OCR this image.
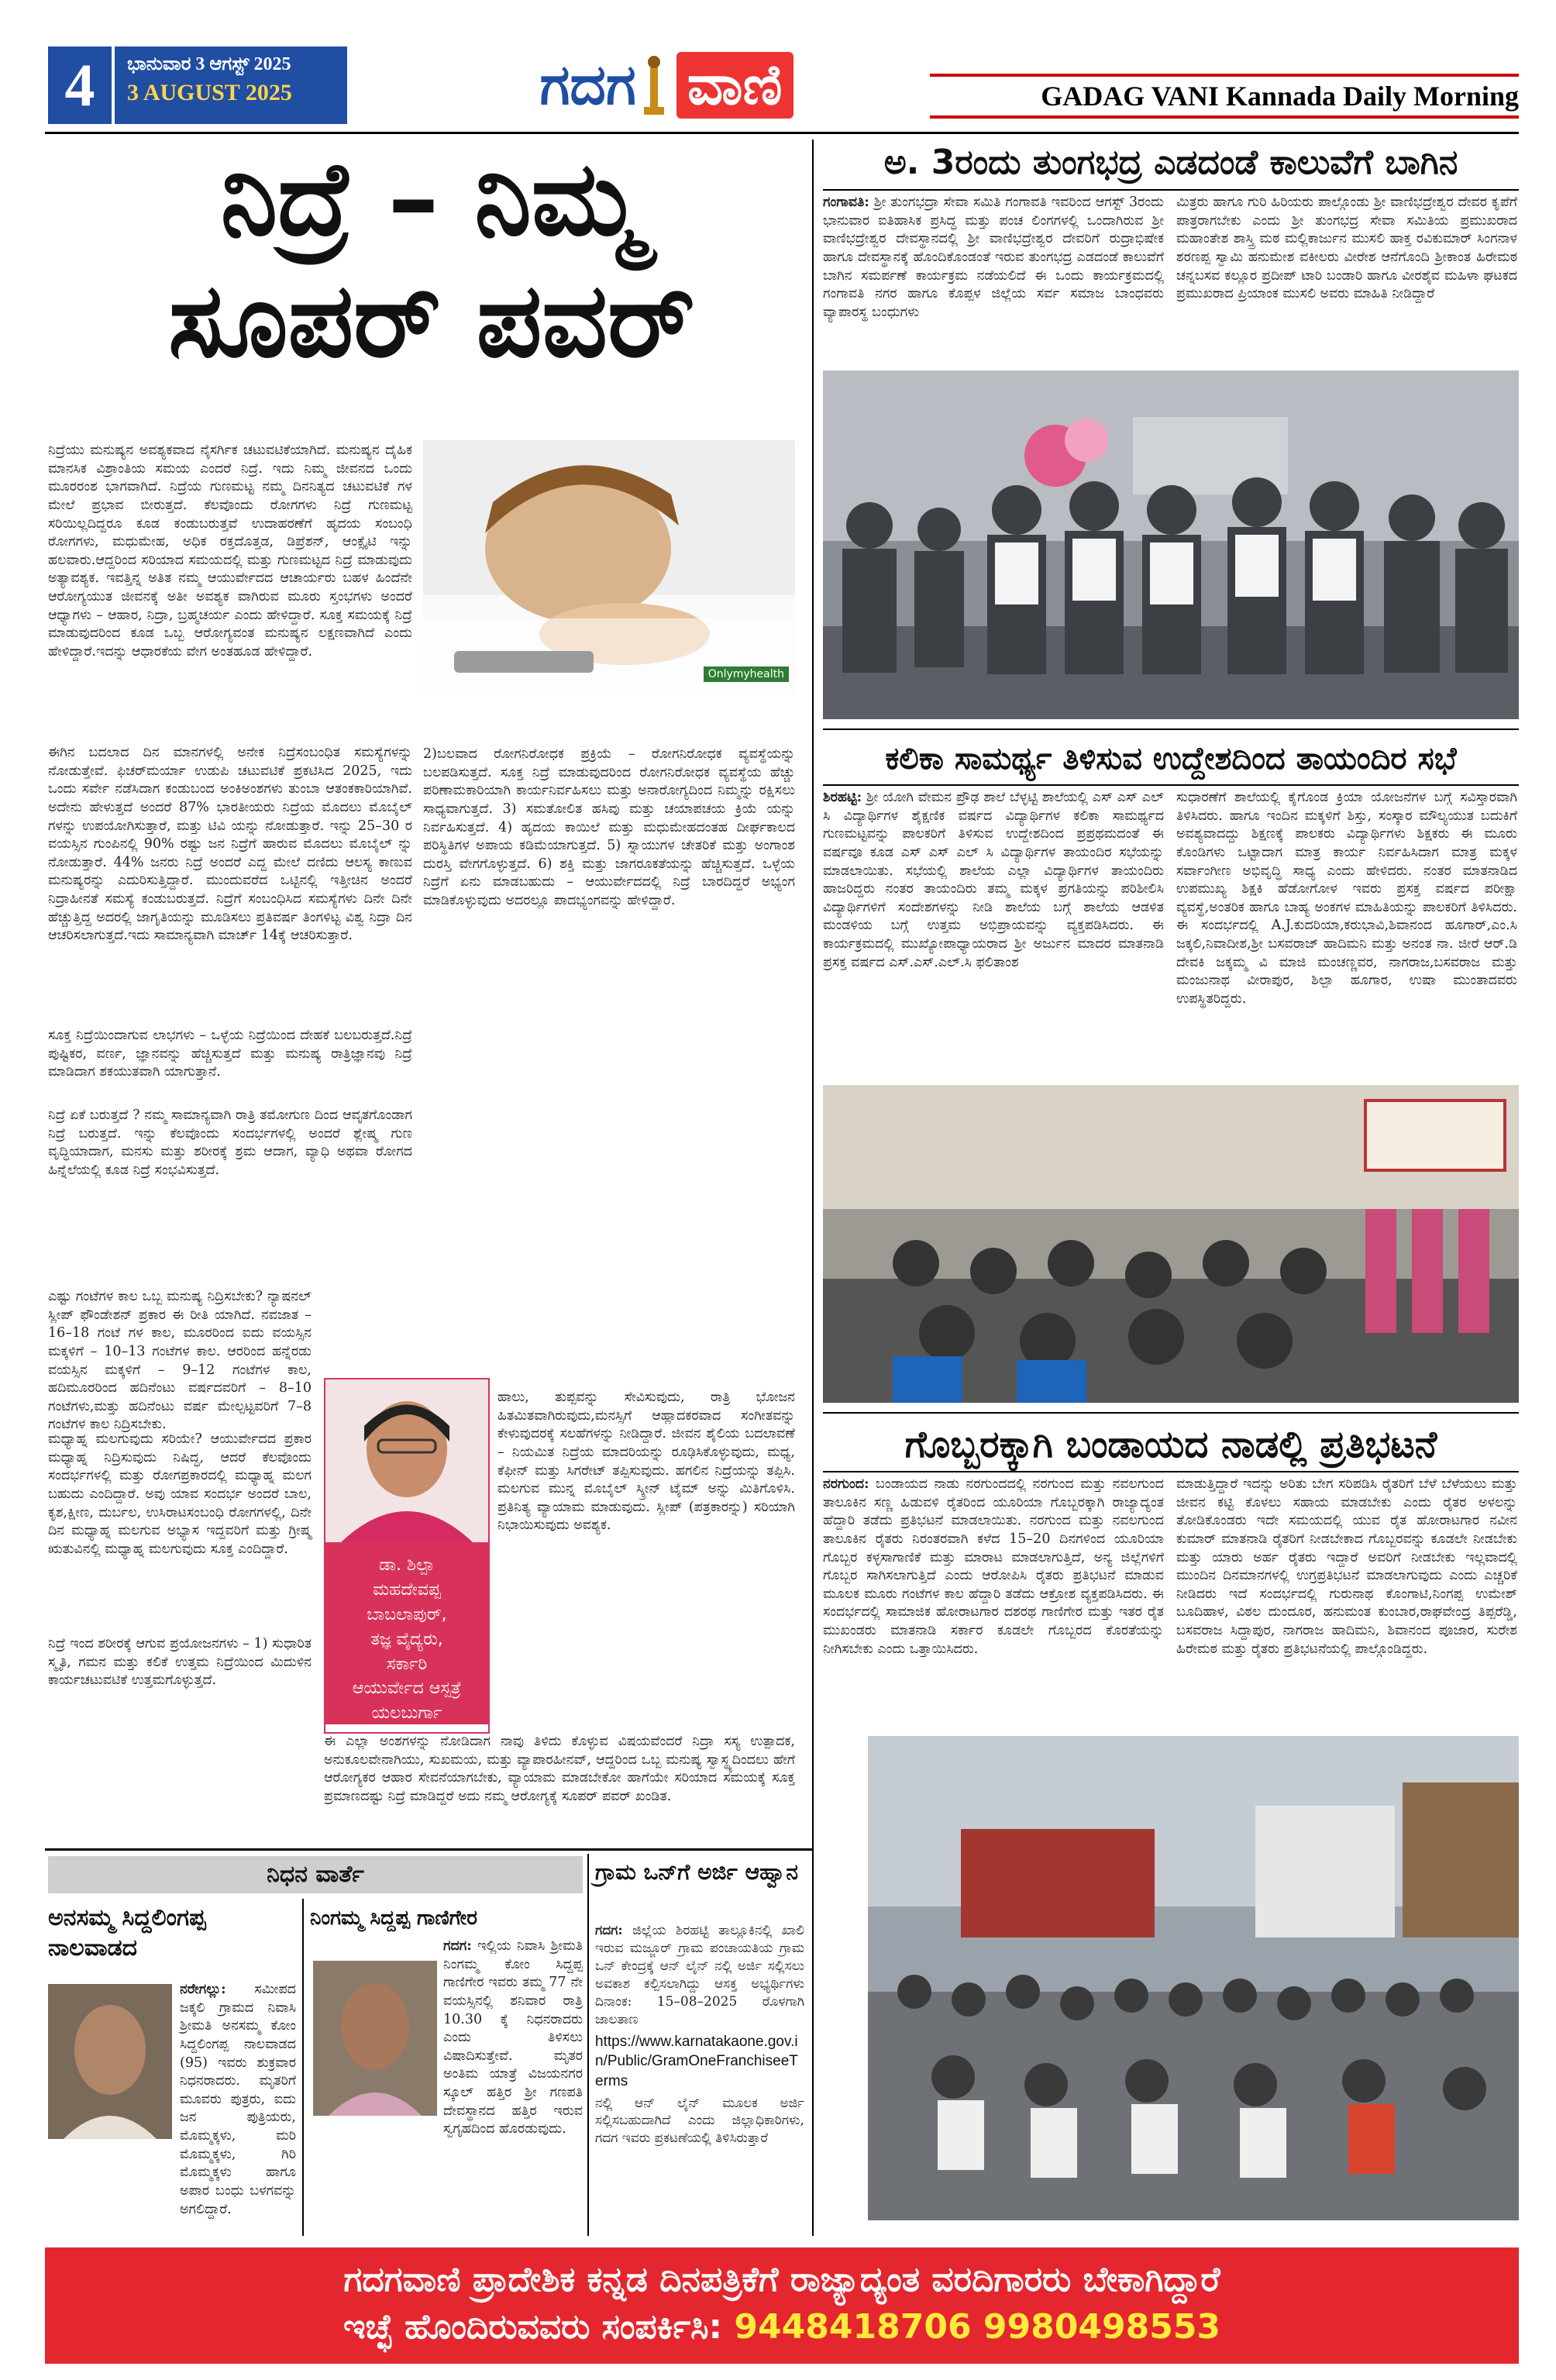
4	ಭಾನುವಾರ 3 ಆಗಸ್ಟ್ 2025
3 AUGUST 2025	ಗದಗ ವಾಣಿ	GADAG VANI Kannada Daily Morning
ನಿದ್ರೆ – ನಿಮ್ಮ
ಸೂಪರ್ ಪವರ್
Onlymyhealth
ನಿದ್ರೆಯು ಮನುಷ್ಯನ ಅವಶ್ಯಕವಾದ ನೈಸರ್ಗಿಕ ಚಟುವಟಿಕೆಯಾಗಿದೆ. ಮನುಷ್ಯನ ದೈಹಿಕ ಮಾನಸಿಕ ವಿಶ್ರಾಂತಿಯ ಸಮಯ ಎಂದರೆ ನಿದ್ರೆ. ಇದು ನಿಮ್ಮ ಜೀವನದ ಒಂದು ಮೂರರಂಶ ಭಾಗವಾಗಿದೆ. ನಿದ್ರೆಯ ಗುಣಮಟ್ಟ ನಮ್ಮ ದಿನನಿತ್ಯದ ಚಟುವಟಿಕೆ ಗಳ ಮೇಲೆ ಪ್ರಭಾವ ಬೀರುತ್ತದೆ. ಕೆಲವೊಂದು ರೋಗಗಳು ನಿದ್ರೆ ಗುಣಮಟ್ಟ ಸರಿಯಿಲ್ಲದಿದ್ದರೂ ಕೂಡ ಕಂಡುಬರುತ್ತವೆ ಉದಾಹರಣೆಗೆ ಹೃದಯ ಸಂಬಂಧಿ ರೋಗಗಳು, ಮಧುಮೇಹ, ಅಧಿಕ ರಕ್ತದೊತ್ತಡ, ಡಿಪ್ರೆಶನ್, ಆಂಕ್ಸೈಟಿ ಇನ್ನು ಹಲವಾರು.ಆದ್ದರಿಂದ ಸರಿಯಾದ ಸಮಯದಲ್ಲಿ ಮತ್ತು ಗುಣಮಟ್ಟದ ನಿದ್ರೆ ಮಾಡುವುದು ಅತ್ಯಾವಶ್ಯಕ. ಇವತ್ತಿನ್ನ ಅತಿತ ನಮ್ಮ ಆಯುರ್ವೇದದ ಆಚಾರ್ಯರು ಬಹಳ ಹಿಂದೆನೇ ಆರೋಗ್ಯಯುತ ಜೀವನಕ್ಕೆ ಅತೀ ಅವಶ್ಯಕ ವಾಗಿರುವ ಮೂರು ಸ್ತಂಭಗಳು ಅಂದರೆ ಆಧ್ಯಾಗಳು – ಆಹಾರ, ನಿದ್ರಾ, ಬ್ರಹ್ಮಚರ್ಯ ಎಂದು ಹೇಳಿದ್ದಾರೆ. ಸೂಕ್ತ ಸಮಯಕ್ಕೆ ನಿದ್ರೆ ಮಾಡುವುದರಿಂದ ಕೂಡ ಒಬ್ಬ ಆರೋಗ್ಯವಂತ ಮನುಷ್ಯನ ಲಕ್ಷಣವಾಗಿದೆ ಎಂದು ಹೇಳಿದ್ದಾರೆ.ಇದನ್ನು ಆಧಾರಕೆಯ ವೇಗ ಅಂತಹೂಡ ಹೇಳಿದ್ದಾರೆ.
ಈಗಿನ ಬದಲಾದ ದಿನ ಮಾನಗಳಲ್ಲಿ ಅನೇಕ ನಿದ್ರೆಸಂಬಂಧಿತ ಸಮಸ್ಯೆಗಳನ್ನು ನೋಡುತ್ತೇವೆ. ಫಿಚರ್‌ಮರ್ಯಾ ಉಡುಪಿ ಚಟುವಟಿಕೆ ಪ್ರಕಟಿಸಿದ 2025, ಇದು ಒಂದು ಸರ್ವೇ ನಡೆಸಿದಾಗ ಕಂಡುಬಂದ ಅಂಕಿಅಂಶಗಳು ತುಂಬಾ ಆತಂಕಕಾರಿಯಾಗಿವೆ. ಅದೇನು ಹೇಳುತ್ತದೆ ಅಂದರೆ 87% ಭಾರತೀಯರು ನಿದ್ರೆಯ ಮೊದಲು ಮೊಬೈಲ್ ಗಳನ್ನು ಉಪಯೋಗಿಸುತ್ತಾರೆ, ಮತ್ತು ಟಿವಿ ಯನ್ನು ನೋಡುತ್ತಾರೆ. ಇನ್ನು 25–30 ರ ವಯಸ್ಸಿನ ಗುಂಪಿನಲ್ಲಿ 90% ರಷ್ಟು ಜನ ನಿದ್ರೆಗೆ ಹಾರುವ ಮೊದಲು ಮೊಬೈಲ್ ನ್ನು ನೋಡುತ್ತಾರೆ. 44% ಜನರು ನಿದ್ರೆ ಅಂದರೆ ಎದ್ದ ಮೇಲೆ ದಣಿದು ಆಲಸ್ಯ ಕಾಣುವ ಮನುಷ್ಯರನ್ನು ಎದುರಿಸುತ್ತಿದ್ದಾರೆ. ಮುಂದುವರೆದ ಒಟ್ಟಿನಲ್ಲಿ ಇತ್ತೀಚಿನ ಅಂದರೆ ನಿದ್ರಾಹೀನತೆ ಸಮಸ್ಯೆ ಕಂಡುಬರುತ್ತದೆ. ನಿದ್ರೆಗೆ ಸಂಬಂಧಿಸಿದ ಸಮಸ್ಯೆಗಳು ದಿನೇ ದಿನೇ ಹೆಚ್ಚುತ್ತಿದ್ದ ಅದರಲ್ಲಿ ಜಾಗೃತಿಯನ್ನು ಮೂಡಿಸಲು ಪ್ರತಿವರ್ಷ ತಿಂಗಳಿಟ್ಟ ವಿಶ್ವ ನಿದ್ರಾ ದಿನ ಆಚರಿಸಲಾಗುತ್ತದೆ.ಇದು ಸಾಮಾನ್ಯವಾಗಿ ಮಾರ್ಚ್ 14ಕ್ಕೆ ಆಚರಿಸುತ್ತಾರೆ.
ಸೂಕ್ತ ನಿದ್ರೆಯಿಂದಾಗುವ ಲಾಭಗಳು – ಒಳ್ಳೆಯ ನಿದ್ರೆಯಿಂದ ದೇಹಕೆ ಬಲಬರುತ್ತದೆ.ನಿದ್ರೆ ಪುಷ್ಟಿಕರ, ವರ್ಣ, ಜ್ಞಾನವನ್ನು ಹೆಚ್ಚಿಸುತ್ತದೆ ಮತ್ತು ಮನುಷ್ಯ ರಾತ್ರಿಜ್ಞಾನವು ನಿದ್ರೆ ಮಾಡಿದಾಗ ಶಕಯುತವಾಗಿ ಯಾಗುತ್ತಾನೆ.
ನಿದ್ರೆ ಏಕೆ ಬರುತ್ತದೆ ? ನಮ್ಮ ಸಾಮಾನ್ಯವಾಗಿ ರಾತ್ರಿ ತಮೋಗುಣ ದಿಂದ ಆವೃತಗೊಂಡಾಗ ನಿದ್ರೆ ಬರುತ್ತದೆ. ಇನ್ನು ಕೆಲವೊಂದು ಸಂದರ್ಭಗಳಲ್ಲಿ ಅಂದರೆ ಶ್ಲೇಷ್ಮ ಗುಣ ವೃದ್ಧಿಯಾದಾಗ, ಮನಸು ಮತ್ತು ಶರೀರಕ್ಕೆ ಶ್ರಮ ಆದಾಗ, ವ್ಯಾಧಿ ಅಥವಾ ರೋಗದ ಹಿನ್ನೆಲೆಯಲ್ಲಿ ಕೂಡ ನಿದ್ರೆ ಸಂಭವಿಸುತ್ತದೆ.
ಎಷ್ಟು ಗಂಟೆಗಳ ಕಾಲ ಒಬ್ಬ ಮನುಷ್ಯ ನಿದ್ರಿಸಬೇಕು? ನ್ಯಾಷನಲ್ ಸ್ಲೀಪ್ ಫೌಂಡೇಶನ್ ಪ್ರಕಾರ ಈ ರೀತಿ ಯಾಗಿದೆ. ನವಜಾತ –16–18 ಗಂಟೆ ಗಳ ಕಾಲ, ಮೂರರಿಂದ ಐದು ವಯಸ್ಸಿನ ಮಕ್ಕಳಿಗೆ – 10–13 ಗಂಟೆಗಳ ಕಾಲ. ಆರರಿಂದ ಹನ್ನೆರಡು ವಯಸ್ಸಿನ ಮಕ್ಕಳಿಗೆ – 9–12 ಗಂಟೆಗಳ ಕಾಲ, ಹದಿಮೂರರಿಂದ ಹದಿನೆಂಟು ವರ್ಷದವರಿಗೆ – 8–10 ಗಂಟೆಗಳು,ಮತ್ತು ಹದಿನೆಂಟು ವರ್ಷ ಮೇಲ್ಪಟ್ಟವರಿಗೆ 7–8 ಗಂಟೆಗಳ ಕಾಲ ನಿದ್ರಿಸಬೇಕು.
ಮಧ್ಯಾಹ್ನ ಮಲಗುವುದು ಸರಿಯೇ? ಆಯುರ್ವೇದದ ಪ್ರಕಾರ ಮಧ್ಯಾಹ್ನ ನಿದ್ರಿಸುವುದು ನಿಷಿದ್ಧ, ಆದರೆ ಕೆಲವೊಂದು ಸಂದರ್ಭಗಳಲ್ಲಿ ಮತ್ತು ರೋಗಪ್ರಕಾರದಲ್ಲಿ ಮಧ್ಯಾಹ್ನ ಮಲಗ ಬಹುದು ಎಂದಿದ್ದಾರೆ. ಅವು ಯಾವ ಸಂದರ್ಭ ಅಂದರೆ ಬಾಲ, ಕೃಶ,ಕ್ಷೀಣ, ದುರ್ಬಲ, ಉಸಿರಾಟಸಂಬಂಧಿ ರೋಗಗಳಲ್ಲಿ, ದಿನೇ ದಿನ ಮಧ್ಯಾಹ್ನ ಮಲಗುವ ಅಭ್ಯಾಸ ಇದ್ದವರಿಗೆ ಮತ್ತು ಗ್ರೀಷ್ಮ ಋತುವಿನಲ್ಲಿ ಮಧ್ಯಾಹ್ನ ಮಲಗುವುದು ಸೂಕ್ತ ಎಂದಿದ್ದಾರೆ.
ನಿದ್ರೆ ಇಂದ ಶರೀರಕ್ಕೆ ಆಗುವ ಪ್ರಯೋಜನಗಳು – 1) ಸುಧಾರಿತ ಸ್ಮೃತಿ, ಗಮನ ಮತ್ತು ಕಲಿಕೆ ಉತ್ತಮ ನಿದ್ರೆಯಿಂದ ಮಿದುಳಿನ ಕಾರ್ಯಚಟುವಟಿಕೆ ಉತ್ತಮಗೊಳ್ಳುತ್ತದೆ.
2)ಬಲವಾದ ರೋಗನಿರೋಧಕ ಪ್ರಕ್ರಿಯೆ – ರೋಗನಿರೋಧಕ ವ್ಯವಸ್ಥೆಯನ್ನು ಬಲಪಡಿಸುತ್ತದೆ. ಸೂಕ್ತ ನಿದ್ರೆ ಮಾಡುವುದರಿಂದ ರೋಗನಿರೋಧಕ ವ್ಯವಸ್ಥೆಯ ಹೆಚ್ಚು ಪರಿಣಾಮಕಾರಿಯಾಗಿ ಕಾರ್ಯನಿರ್ವಹಿಸಲು ಮತ್ತು ಅನಾರೋಗ್ಯದಿಂದ ನಿಮ್ಮನ್ನು ರಕ್ಷಿಸಲು ಸಾಧ್ಯವಾಗುತ್ತದೆ. 3) ಸಮತೋಲಿತ ಹಸಿವು ಮತ್ತು ಚಯಾಪಚಯ ಕ್ರಿಯೆ ಯನ್ನು ನಿರ್ವಹಿಸುತ್ತದೆ. 4) ಹೃದಯ ಕಾಯಿಲೆ ಮತ್ತು ಮಧುಮೇಹದಂತಹ ದೀರ್ಘಕಾಲದ ಪರಿಸ್ಥಿತಿಗಳ ಅಪಾಯ ಕಡಿಮೆಯಾಗುತ್ತದೆ. 5) ಸ್ನಾಯುಗಳ ಚೇತರಿಕೆ ಮತ್ತು ಅಂಗಾಂಶ ದುರಸ್ತಿ ವೇಗಗೊಳ್ಳುತ್ತದೆ. 6) ಶಕ್ತಿ ಮತ್ತು ಜಾಗರೂಕತೆಯನ್ನು ಹೆಚ್ಚಿಸುತ್ತದೆ. ಒಳ್ಳೆಯ ನಿದ್ರೆಗೆ ಏನು ಮಾಡಬಹುದು – ಆಯುರ್ವೇದದಲ್ಲಿ ನಿದ್ರೆ ಬಾರದಿದ್ದರೆ ಅಭ್ಯಂಗ ಮಾಡಿಕೊಳ್ಳುವುದು ಅದರಲ್ಲೂ ಪಾದಭ್ಯಂಗವನ್ನು ಹೇಳಿದ್ದಾರೆ.
ಡಾ. ಶಿಲ್ಪಾ
ಮಹದೇವಪ್ಪ
ಬಾಬಲಾಪುರ್,
ತಜ್ಞ ವೈದ್ಯರು,
ಸರ್ಕಾರಿ
ಆಯುರ್ವೇದ ಆಸ್ಪತ್ರೆ
ಯಲಬುರ್ಗಾ
ಹಾಲು, ತುಪ್ಪವನ್ನು ಸೇವಿಸುವುದು, ರಾತ್ರಿ ಭೋಜನ ಹಿತಮಿತವಾಗಿರುವುದು,ಮನಸ್ಸಿಗೆ ಆಹ್ಲಾದಕರವಾದ ಸಂಗೀತವನ್ನು ಕೇಳುವುದರಕ್ಕೆ ಸಲಹೆಗಳನ್ನು ನೀಡಿದ್ದಾರೆ. ಜೀವನ ಶೈಲಿಯ ಬದಲಾವಣೆ – ನಿಯಮಿತ ನಿದ್ರೆಯ ಮಾದರಿಯನ್ನು ರೂಢಿಸಿಕೊಳ್ಳುವುದು, ಮಧ್ಯ, ಕೆಫೀನ್ ಮತ್ತು ಸಿಗರೇಟ್ ತಪ್ಪಿಸುವುದು. ಹಗಲಿನ ನಿದ್ರೆಯನ್ನು ತಪ್ಪಿಸಿ. ಮಲಗುವ ಮುನ್ನ ಮೊಬೈಲ್ ಸ್ಕ್ರೀನ್ ಟೈಮ್ ಅನ್ನು ಮಿತಿಗೊಳಿಸಿ. ಪ್ರತಿನಿತ್ಯ ವ್ಯಾಯಾಮ ಮಾಡುವುದು. ಸ್ಲೀಪ್ (ಪತ್ರಕಾರನ್ನು) ಸರಿಯಾಗಿ ನಿಭಾಯಿಸುವುದು ಅವಶ್ಯಕ.
ಈ ಎಲ್ಲಾ ಅಂಶಗಳನ್ನು ನೋಡಿದಾಗ ನಾವು ತಿಳಿದು ಕೊಳ್ಳುವ ವಿಷಯವೆಂದರೆ ನಿದ್ರಾ ಸಸ್ಯ ಉತ್ಪಾದಕ, ಅನುಕೂಲವೇನಾಗಿಯು, ಸುಖಮಯ, ಮತ್ತು ವ್ಯಾಪಾರಹೀನವ್‌, ಆದ್ದರಿಂದ ಒಬ್ಬ ಮನುಷ್ಯ ಸ್ವಾಸ್ಥ್ಯದಿಂದಲು ಹೇಗೆ ಆರೋಗ್ಯಕರ ಆಹಾರ ಸೇವನೆಯಾಗಬೇಕು, ವ್ಯಾಯಾಮ ಮಾಡಬೇಕೋ ಹಾಗೆಯೇ ಸರಿಯಾದ ಸಮಯಕ್ಕೆ ಸೂಕ್ತ ಪ್ರಮಾಣದಷ್ಟು ನಿದ್ರೆ ಮಾಡಿದ್ದರೆ ಅದು ನಮ್ಮ ಆರೋಗ್ಯಕ್ಕೆ ಸೂಪರ್ ಪವರ್ ಖಂಡಿತ.
ಅ. 3ರಂದು ತುಂಗಭದ್ರ ಎಡದಂಡೆ ಕಾಲುವೆಗೆ ಬಾಗಿನ
ಗಂಗಾವತಿ: ಶ್ರೀ ತುಂಗಭದ್ರಾ ಸೇವಾ ಸಮಿತಿ ಗಂಗಾವತಿ ಇವರಿಂದ ಆಗಸ್ಟ್ 3ರಂದು ಭಾನುವಾರ ಐತಿಹಾಸಿಕ ಪ್ರಸಿದ್ಧ ಮತ್ತು ಪಂಚ ಲಿಂಗಗಳಲ್ಲಿ ಒಂದಾಗಿರುವ ಶ್ರೀ ವಾಣಿಭದ್ರೇಶ್ವರ ದೇವಸ್ಥಾನದಲ್ಲಿ ಶ್ರೀ ವಾಣಿಭದ್ರೇಶ್ವರ ದೇವರಿಗೆ ರುದ್ರಾಭಿಷೇಕ ಹಾಗೂ ದೇವಸ್ಥಾನಕ್ಕೆ ಹೊಂದಿಕೊಂಡಂತೆ ಇರುವ ತುಂಗಭದ್ರ ಎಡದಂಡೆ ಕಾಲುವೆಗೆ ಬಾಗಿನ ಸಮರ್ಪಣೆ ಕಾರ್ಯಕ್ರಮ ನಡೆಯಲಿದೆ ಈ ಒಂದು ಕಾರ್ಯಕ್ರಮದಲ್ಲಿ ಗಂಗಾವತಿ ನಗರ ಹಾಗೂ ಕೊಪ್ಪಳ ಜಿಲ್ಲೆಯ ಸರ್ವ ಸಮಾಜ ಬಾಂಧವರು ವ್ಯಾಪಾರಸ್ಥ ಬಂಧುಗಳು
ಮಿತ್ರರು ಹಾಗೂ ಗುರಿ ಹಿರಿಯರು ಪಾಲ್ಗೊಂಡು ಶ್ರೀ ವಾಣಿಭದ್ರೇಶ್ವರ ದೇವರ ಕೃಪೆಗೆ ಪಾತ್ರರಾಗಬೇಕು ಎಂದು ಶ್ರೀ ತುಂಗಭದ್ರ ಸೇವಾ ಸಮಿತಿಯ ಪ್ರಮುಖರಾದ ಮಹಾಂತೇಶ ಶಾಸ್ತ್ರಿ ಮಠ ಮಲ್ಲಿಕಾರ್ಜುನ ಮುಸಲಿ ಹಾಕ್ತ‌ ರವಿಕುಮಾರ್ ಸಿಂಗನಾಳ ಶರಣಪ್ಪ ಸ್ವಾಮಿ ಹನುಮೇಶ ವಕೀಲರು ವೀರೇಶ ಆನೆಗೊಂದಿ ಶ್ರೀಕಾಂತ ಹಿರೇಮಠ ಚನ್ನಬಸವ ಕಲ್ಲೂರ ಪ್ರದೀಪ್ ಟಾರಿ ಬಂಡಾರಿ ಹಾಗೂ ವೀರಶೈವ ಮಹಿಳಾ ಘಟಕದ ಪ್ರಮುಖರಾದ ಪ್ರಿಯಾಂಕ ಮುಸಲಿ ಅವರು ಮಾಹಿತಿ ನೀಡಿದ್ದಾರೆ
ಕಲಿಕಾ ಸಾಮರ್ಥ್ಯ ತಿಳಿಸುವ ಉದ್ದೇಶದಿಂದ ತಾಯಂದಿರ ಸಭೆ
ಶಿರಹಟ್ಟಿ: ಶ್ರೀ ಯೋಗಿ ವೇಮನ ಪ್ರೌಢ ಶಾಲೆ ಬೆಳ್ಳಟ್ಟಿ ಶಾಲೆಯಲ್ಲಿ ಎಸ್ ಎಸ್ ಎಲ್ ಸಿ ವಿದ್ಯಾರ್ಥಿಗಳ ಶೈಕ್ಷಣಿಕ ವರ್ಷದ ವಿದ್ಯಾರ್ಥಿಗಳ ಕಲಿಕಾ ಸಾಮರ್ಥ್ಯದ ಗುಣಮಟ್ಟವನ್ನು ಪಾಲಕರಿಗೆ ತಿಳಿಸುವ ಉದ್ದೇಶದಿಂದ ಪ್ರಪ್ರಥಮದಂತೆ ಈ ವರ್ಷವೂ ಕೂಡ ಎಸ್ ಎಸ್ ಎಲ್ ಸಿ ವಿದ್ಯಾರ್ಥಿಗಳ ತಾಯಂದಿರ ಸಭೆಯನ್ನು ಮಾಡಲಾಯಿತು. ಸಭೆಯಲ್ಲಿ ಶಾಲೆಯ ಎಲ್ಲಾ ವಿದ್ಯಾರ್ಥಿಗಳ ತಾಯಂದಿರು ಹಾಜರಿದ್ದರು ನಂತರ ತಾಯಂದಿರು ತಮ್ಮ ಮಕ್ಕಳ ಪ್ರಗತಿಯನ್ನು ಪರಿಶೀಲಿಸಿ ವಿದ್ಯಾರ್ಥಿಗಳಿಗೆ ಸಂದೇಶಗಳನ್ನು ನೀಡಿ ಶಾಲೆಯ ಬಗ್ಗೆ ಶಾಲೆಯ ಆಡಳಿತ ಮಂಡಳಿಯ ಬಗ್ಗೆ ಉತ್ತಮ ಅಭಿಪ್ರಾಯವನ್ನು ವ್ಯಕ್ತಪಡಿಸಿದರು. ಈ ಕಾರ್ಯಕ್ರಮದಲ್ಲಿ ಮುಖ್ಯೋಪಾಧ್ಯಾಯರಾದ ಶ್ರೀ ಅರ್ಜುನ ಮಾದರ ಮಾತನಾಡಿ ಪ್ರಸಕ್ತ ವರ್ಷದ ಎಸ್.ಎಸ್.ಎಲ್.ಸಿ ಫಲಿತಾಂಶ
ಸುಧಾರಣೆಗೆ ಶಾಲೆಯಲ್ಲಿ ಕೈಗೊಂಡ ಕ್ರಿಯಾ ಯೋಜನೆಗಳ ಬಗ್ಗೆ ಸವಿಸ್ತಾರವಾಗಿ ತಿಳಿಸಿದರು. ಹಾಗೂ ಇಂದಿನ ಮಕ್ಕಳಿಗೆ ಶಿಸ್ತು, ಸಂಸ್ಕಾರ ಮೌಲ್ಯಯುತ ಬದುಕಿಗೆ ಅವಶ್ಯವಾದದ್ದು ಶಿಕ್ಷಣಕ್ಕೆ ಪಾಲಕರು ವಿದ್ಯಾರ್ಥಿಗಳು ಶಿಕ್ಷಕರು ಈ ಮೂರು ಕೊಂಡಿಗಳು ಒಟ್ಟಾದಾಗ ಮಾತ್ರ ಕಾರ್ಯ ನಿರ್ವಹಿಸಿದಾಗ ಮಾತ್ರ ಮಕ್ಕಳ ಸರ್ವಾಂಗೀಣ ಅಭಿವೃದ್ಧಿ ಸಾಧ್ಯ ಎಂದು ಹೇಳಿದರು. ನಂತರ ಮಾತನಾಡಿದ ಉಪಮುಖ್ಯ ಶಿಕ್ಷಕಿ ಹೆಡೋಗೋಳ ಇವರು ಪ್ರಸಕ್ತ ವರ್ಷದ ಪರೀಕ್ಷಾ ವ್ಯವಸ್ಥೆ,ಅಂತರಿಕ ಹಾಗೂ ಬಾಹ್ಯ ಅಂಕಗಳ ಮಾಹಿತಿಯನ್ನು ಪಾಲಕರಿಗೆ ತಿಳಿಸಿದರು. ಈ ಸಂದರ್ಭದಲ್ಲಿ A.J.ಕುದರಿಯಾ‌,ಕರುಭಾವಿ,ಶಿವಾನಂದ ಹೂಗಾರ್,ಎಂ.ಸಿ ಜಕ್ಕಲಿ,ನಿವಾದೀಶ,ಶ್ರೀ ಬಸವರಾಜ್ ಹಾದಿಮನಿ ಮತ್ತು ಅನಂತ ನಾ. ಜೀರೆ ಆರ್.ಡಿ ದೇವಕಿ ಜಕ್ಕಮ್ಮ ವಿ ಮಾಜಿ ಮಂಚಣ್ಣವರ, ನಾಗರಾಜ,ಬಸವರಾಜ ಮತ್ತು ಮಂಜುನಾಥ ವೀರಾಪುರ, ಶಿಲ್ಪಾ ಹೂಗಾರ, ಉಷಾ ಮುಂತಾದವರು ಉಪಸ್ಥಿತರಿದ್ದರು.
ಗೊಬ್ಬರಕ್ಕಾಗಿ ಬಂಡಾಯದ ನಾಡಲ್ಲಿ ಪ್ರತಿಭಟನೆ
ನರಗುಂದ: ಬಂಡಾಯದ ನಾಡು ನರಗುಂದದಲ್ಲಿ ನರಗುಂದ ಮತ್ತು ನವಲಗುಂದ ತಾಲೂಕಿನ ಸಣ್ಣ ಹಿಡುವಳಿ ರೈತರಿಂದ ಯೂರಿಯಾ ಗೊಬ್ಬರಕ್ಕಾಗಿ ರಾಜ್ಯಾದ್ಯಂತ ಹೆದ್ದಾರಿ ತಡೆದು ಪ್ರತಿಭಟನೆ ಮಾಡಲಾಯಿತು. ನರಗುಂದ ಮತ್ತು ನವಲಗುಂದ ತಾಲೂಕಿನ ರೈತರು ನಿರಂತರವಾಗಿ ಕಳೆದ 15–20 ದಿನಗಳಿಂದ ಯೂರಿಯಾ ಗೊಬ್ಬರ ಕಳ್ಳಸಾಗಾಣಿಕೆ ಮತ್ತು ಮಾರಾಟ ಮಾಡಲಾಗುತ್ತಿದೆ, ಅನ್ಯ ಜಿಲ್ಲೆಗಳಿಗೆ ಗೊಬ್ಬರ ಸಾಗಿಸಲಾಗುತ್ತಿದೆ ಎಂದು ಆರೋಪಿಸಿ ರೈತರು ಪ್ರತಿಭಟನೆ ಮಾಡುವ ಮೂಲಕ ಮೂರು ಗಂಟೆಗಳ ಕಾಲ ಹೆದ್ದಾರಿ ತಡೆದು ಆಕ್ರೋಶ ವ್ಯಕ್ತಪಡಿಸಿದರು. ಈ ಸಂದರ್ಭದಲ್ಲಿ ಸಾಮಾಜಿಕ ಹೋರಾಟಗಾರ ದಶರಥ ಗಾಣಿಗೇರ ಮತ್ತು ಇತರ ರೈತ ಮುಖಂಡರು ಮಾತನಾಡಿ ಸರ್ಕಾರ ಕೂಡಲೇ ಗೊಬ್ಬರದ ಕೊರತೆಯನ್ನು ನೀಗಿಸಬೇಕು ಎಂದು ಒತ್ತಾಯಿಸಿದರು.
ಮಾಡುತ್ತಿದ್ದಾರೆ ಇದನ್ನು ಅರಿತು ಬೇಗ ಸರಿಪಡಿಸಿ ರೈತರಿಗೆ ಬೆಳೆ ಬೆಳೆಯಲು ಮತ್ತು ಜೀವನ ಕಟ್ಟಿ ಕೊಳಲು ಸಹಾಯ ಮಾಡಬೇಕು ಎಂದು ರೈತರ ಅಳಲನ್ನು ತೋಡಿಕೊಂಡರು ಇದೇ ಸಮಯದಲ್ಲಿ ಯುವ ರೈತ ಹೋರಾಟಗಾರ ನವೀನ ಕುಮಾರ್ ಮಾತನಾಡಿ ರೈತರಿಗೆ ನೀಡಬೇಕಾದ ಗೊಬ್ಬರವನ್ನು ಕೂಡಲೇ ನೀಡಬೇಕು ಮತ್ತು ಯಾರು ಅರ್ಹ ರೈತರು ಇದ್ದಾರೆ ಅವರಿಗೆ ನೀಡಬೇಕು ಇಲ್ಲವಾದಲ್ಲಿ ಮುಂದಿನ ದಿನಮಾನಗಳಲ್ಲಿ ಉಗ್ರಪ್ರತಿಭಟನೆ ಮಾಡಲಾಗುವುದು ಎಂದು ಎಚ್ಚರಿಕೆ ನೀಡಿದರು ಇದೆ ಸಂದರ್ಭದಲ್ಲಿ ಗುರುನಾಥ ಕೊಂಗಾಟಿ,ನಿಂಗಪ್ಪ ಉಮೇಶ್ ಬೂದಿಹಾಳ, ವಿಠಲ ದುಂದೂರ, ಹನುಮಂತ ಕುಂಬಾರ,ರಾಘವೇಂದ್ರ ತಿಪ್ಪರೆಡ್ಡಿ, ಬಸವರಾಜ ಸಿದ್ದಾಪುರ, ನಾಗರಾಜ ಹಾದಿಮನಿ, ಶಿವಾನಂದ ಪೂಜಾರ, ಸುರೇಶ ಹಿರೇಮಠ ಮತ್ತು ರೈತರು ಪ್ರತಿಭಟನೆಯಲ್ಲಿ ಪಾಲ್ಗೊಂಡಿದ್ದರು.
ನಿಧನ ವಾರ್ತೆ
ಅನಸಮ್ಮ ಸಿದ್ದಲಿಂಗಪ್ಪ ನಾಲವಾಡದ
ನರೇಗಲ್ಲು: ಸಮೀಪದ ಜಕ್ಕಲಿ ಗ್ರಾಮದ ನಿವಾಸಿ ಶ್ರೀಮತಿ ಅನಸಮ್ಮ ಕೋಂ ಸಿದ್ದಲಿಂಗಪ್ಪ ನಾಲವಾಡದ (95) ಇವರು ಶುಕ್ರವಾರ ನಿಧನರಾದರು. ಮೃತರಿಗೆ ಮೂವರು ಪುತ್ರರು, ಐದು ಜನ ಪುತ್ರಿಯರು, ಮೊಮ್ಮಕ್ಕಳು, ಮರಿ ಮೊಮ್ಮಕ್ಕಳು, ಗಿರಿ ಮೊಮ್ಮಕ್ಕಳು ಹಾಗೂ ಅಪಾರ ಬಂಧು ಬಳಗವನ್ನು ಅಗಲಿದ್ದಾರೆ.
ನಿಂಗಮ್ಮ ಸಿದ್ದಪ್ಪ ಗಾಣಿಗೇರ
ಗದಗ: ಇಲ್ಲಿಯ ನಿವಾಸಿ ಶ್ರೀಮತಿ ನಿಂಗಮ್ಮ ಕೋಂ ಸಿದ್ದಪ್ಪ ಗಾಣಿಗೇರ ಇವರು ತಮ್ಮ 77 ನೇ ವಯಸ್ಸಿನಲ್ಲಿ ಶನಿವಾರ ರಾತ್ರಿ 10.30 ಕ್ಕೆ ನಿಧನರಾದರು ಎಂದು ತಿಳಿಸಲು ವಿಷಾದಿಸುತ್ತೇವೆ. ಮೃತರ ಅಂತಿಮ ಯಾತ್ರೆ ವಿಜಯನಗರ ಸ್ಕೂಲ್ ಹತ್ತಿರ ಶ್ರೀ ಗಣಪತಿ ದೇವಸ್ಥಾನದ ಹತ್ತಿರ ಇರುವ ಸ್ವಗೃಹದಿಂದ ಹೊರಡುವುದು.
ಗ್ರಾಮ ಒನ್‌ಗೆ ಅರ್ಜಿ ಆಹ್ವಾನ
ಗದಗ: ಜಿಲ್ಲೆಯ ಶಿರಹಟ್ಟಿ ತಾಲ್ಲೂಕಿನಲ್ಲಿ ಖಾಲಿ ಇರುವ ಮಜ್ಜೂರ್ ಗ್ರಾಮ ಪಂಚಾಯತಿಯ ಗ್ರಾಮ ಒನ್ ಕೇಂದ್ರಕ್ಕೆ ಆನ್ ಲೈನ್ ನಲ್ಲಿ ಅರ್ಜಿ ಸಲ್ಲಿಸಲು ಅವಕಾಶ ಕಲ್ಪಿಸಲಾಗಿದ್ದು ಆಸಕ್ತ ಅಭ್ಯರ್ಥಿಗಳು ದಿನಾಂಕ: 15–08–2025 ರೊಳಗಾಗಿ ಜಾಲತಾಣ
https://www.karnatakaone.gov.in/Public/GramOneFranchiseeTerms
ನಲ್ಲಿ ಆನ್ ಲೈನ್ ಮೂಲಕ ಅರ್ಜಿ ಸಲ್ಲಿಸಬಹುದಾಗಿದೆ ಎಂದು ಜಿಲ್ಲಾಧಿಕಾರಿಗಳು, ಗದಗ ಇವರು ಪ್ರಕಟಣೆಯಲ್ಲಿ ತಿಳಿಸಿರುತ್ತಾರೆ
ಗದಗವಾಣಿ ಪ್ರಾದೇಶಿಕ ಕನ್ನಡ ದಿನಪತ್ರಿಕೆಗೆ ರಾಜ್ಯಾದ್ಯಂತ ವರದಿಗಾರರು ಬೇಕಾಗಿದ್ದಾರೆ
ಇಚ್ಛೆ ಹೊಂದಿರುವವರು ಸಂಪರ್ಕಿಸಿ: 9448418706 9980498553
